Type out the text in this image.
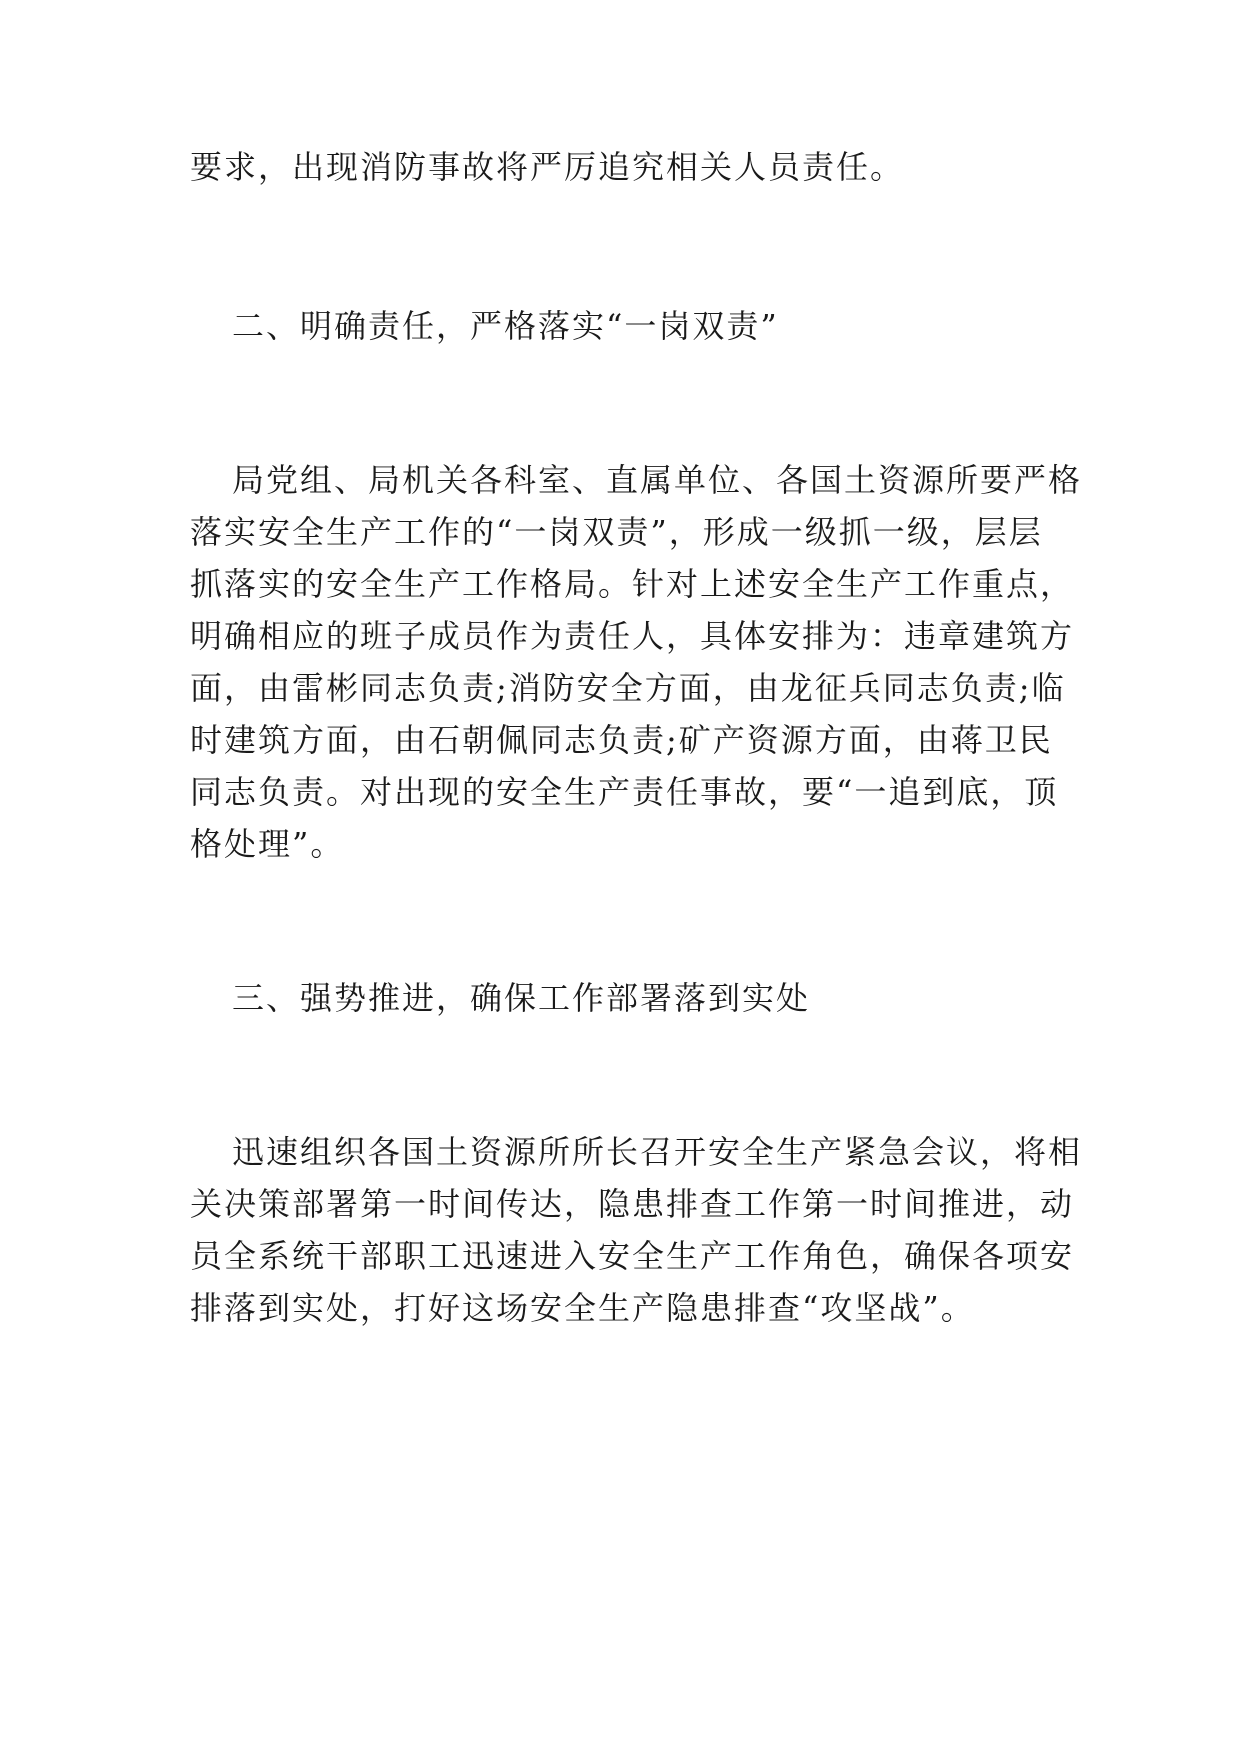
要求，出现消防事故将严厉追究相关人员责任。
二、明确责任，严格落实“一岗双责”
局党组、局机关各科室、直属单位、各国土资源所要严格
落实安全生产工作的“一岗双责”，形成一级抓一级，层层
抓落实的安全生产工作格局。针对上述安全生产工作重点，
明确相应的班子成员作为责任人，具体安排为：违章建筑方
面，由雷彬同志负责;消防安全方面，由龙征兵同志负责;临
时建筑方面，由石朝佩同志负责;矿产资源方面，由蒋卫民
同志负责。对出现的安全生产责任事故，要“一追到底，顶
格处理”。
三、强势推进，确保工作部署落到实处
迅速组织各国土资源所所长召开安全生产紧急会议，将相
关决策部署第一时间传达，隐患排查工作第一时间推进，动
员全系统干部职工迅速进入安全生产工作角色，确保各项安
排落到实处，打好这场安全生产隐患排查“攻坚战”。
